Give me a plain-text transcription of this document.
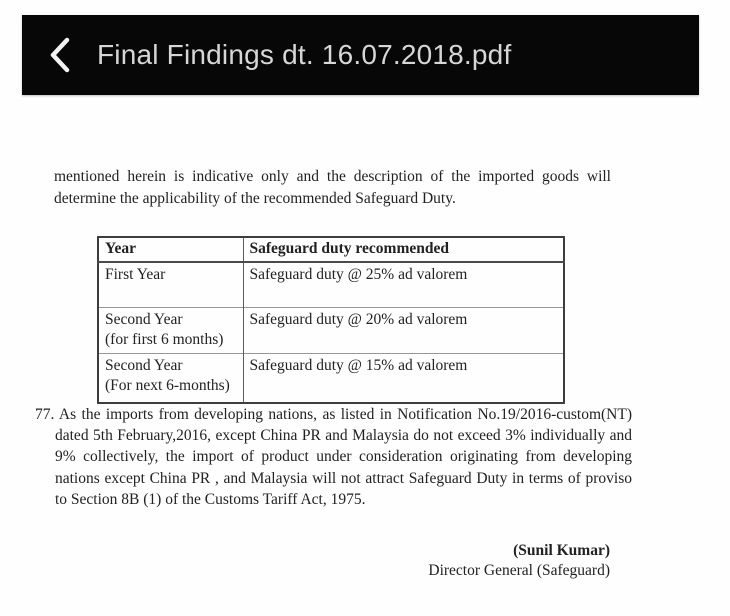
Final Findings dt. 16.07.2018.pdf

mentioned herein is indicative only and the description of the imported goods will determine the applicability of the recommended Safeguard Duty.

Year	Safeguard duty recommended

First Year	Safeguard duty @ 25% ad valorem

Second Year
(for first 6 months)	Safeguard duty @ 20% ad valorem

Second Year
(For next 6-months)	Safeguard duty @ 15% ad valorem

77. As the imports from developing nations, as listed in Notification No.19/2016-custom(NT) dated 5th February,2016, except China PR and Malaysia do not exceed 3% individually and 9% collectively, the import of product under consideration originating from developing nations except China PR , and Malaysia will not attract Safeguard Duty in terms of proviso to Section 8B (1) of the Customs Tariff Act, 1975.

(Sunil Kumar)
Director General (Safeguard)
